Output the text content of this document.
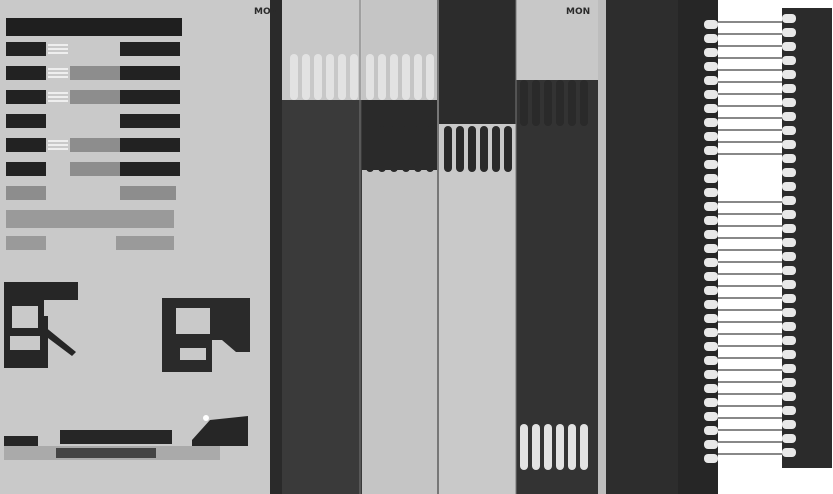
MON	MON
